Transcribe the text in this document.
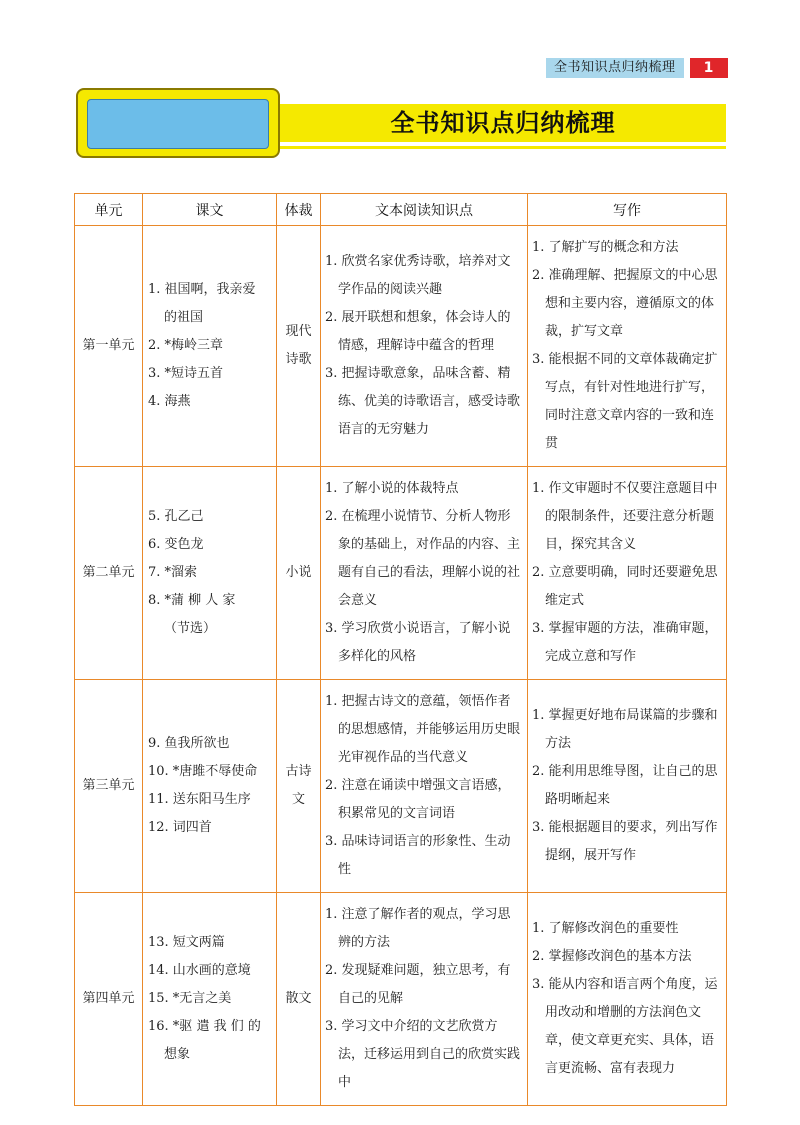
全书知识点归纳梳理	1
全书知识点归纳梳理
单元	课文	体裁	文本阅读知识点	写作
第一单元	1. 祖国啊，我亲爱
的祖国
2. *梅岭三章
3. *短诗五首
4. 海燕	现代
诗歌	1. 欣赏名家优秀诗歌，培养对文学作品的阅读兴趣
2. 展开联想和想象，体会诗人的情感，理解诗中蕴含的哲理
3. 把握诗歌意象，品味含蓄、精练、优美的诗歌语言，感受诗歌语言的无穷魅力	1. 了解扩写的概念和方法
2. 准确理解、把握原文的中心思想和主要内容，遵循原文的体裁，扩写文章
3. 能根据不同的文章体裁确定扩写点，有针对性地进行扩写，同时注意文章内容的一致和连贯

第二单元	5. 孔乙己
6. 变色龙
7. *溜索
8. *蒲 柳 人 家
（节选）	小说	1. 了解小说的体裁特点
2. 在梳理小说情节、分析人物形象的基础上，对作品的内容、主题有自己的看法，理解小说的社会意义
3. 学习欣赏小说语言，了解小说多样化的风格	1. 作文审题时不仅要注意题目中的限制条件，还要注意分析题目，探究其含义
2. 立意要明确，同时还要避免思维定式
3. 掌握审题的方法，准确审题，完成立意和写作

第三单元	9. 鱼我所欲也
10. *唐雎不辱使命
11. 送东阳马生序
12. 词四首	古诗
文	1. 把握古诗文的意蕴，领悟作者的思想感情，并能够运用历史眼光审视作品的当代意义
2. 注意在诵读中增强文言语感，积累常见的文言词语
3. 品味诗词语言的形象性、生动性	1. 掌握更好地布局谋篇的步骤和方法
2. 能利用思维导图，让自己的思路明晰起来
3. 能根据题目的要求，列出写作提纲，展开写作

第四单元	13. 短文两篇
14. 山水画的意境
15. *无言之美
16. *驱 遣 我 们 的
想象	散文	1. 注意了解作者的观点，学习思辨的方法
2. 发现疑难问题，独立思考，有自己的见解
3. 学习文中介绍的文艺欣赏方法，迁移运用到自己的欣赏实践中	1. 了解修改润色的重要性
2. 掌握修改润色的基本方法
3. 能从内容和语言两个角度，运用改动和增删的方法润色文章，使文章更充实、具体，语言更流畅、富有表现力
